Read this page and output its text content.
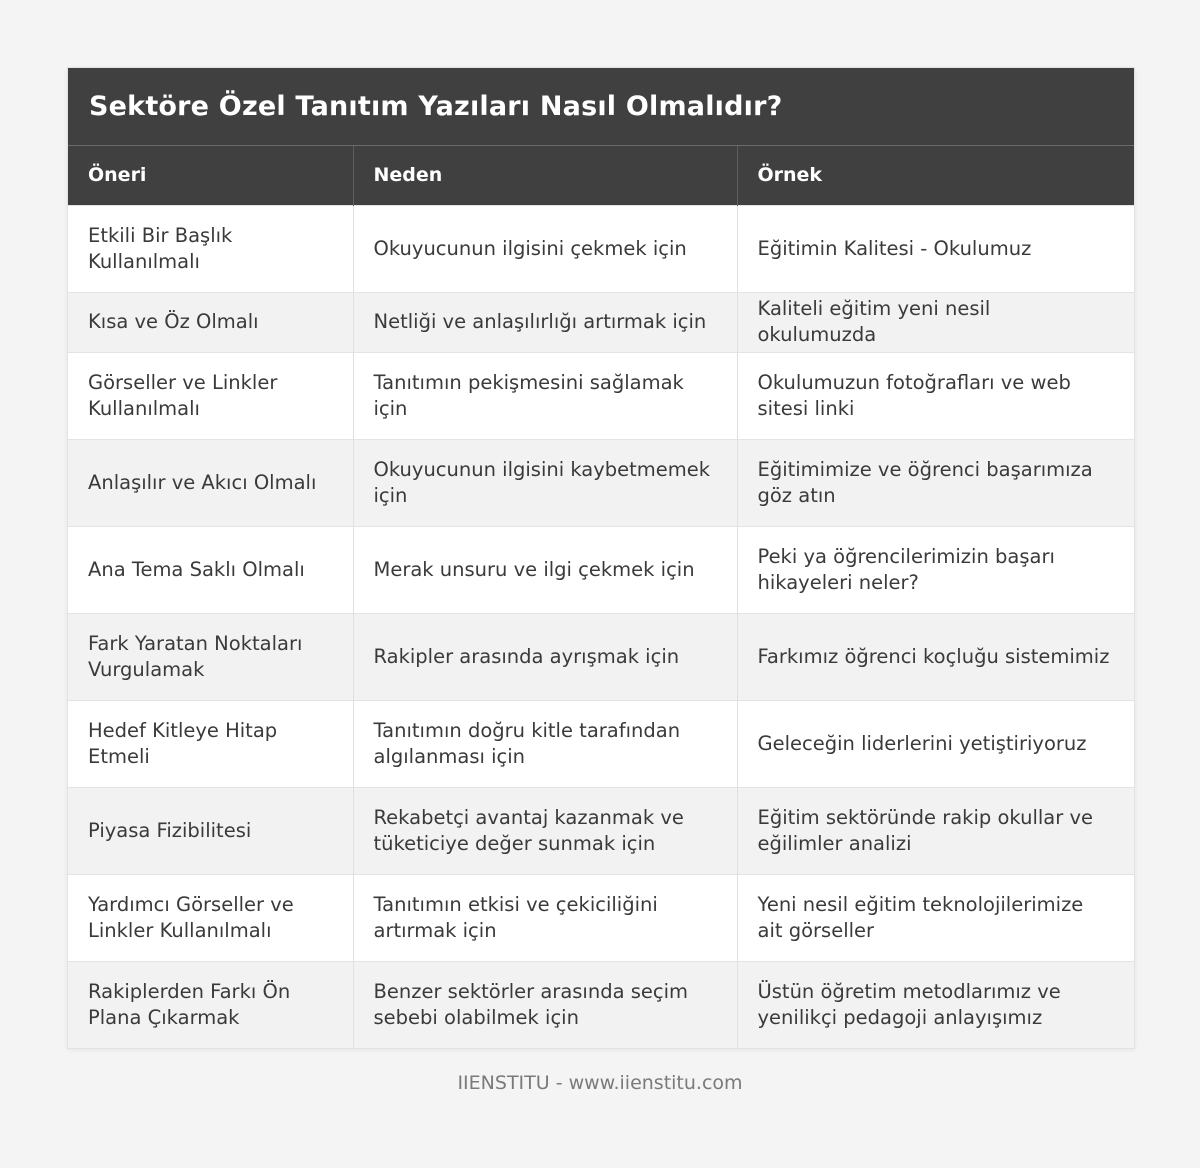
Sektöre Özel Tanıtım Yazıları Nasıl Olmalıdır?
Öneri	Neden	Örnek
Etkili Bir Başlık Kullanılmalı	Okuyucunun ilgisini çekmek için	Eğitimin Kalitesi - Okulumuz
Kısa ve Öz Olmalı	Netliği ve anlaşılırlığı artırmak için	Kaliteli eğitim yeni nesil okulumuzda
Görseller ve Linkler Kullanılmalı	Tanıtımın pekişmesini sağlamak için	Okulumuzun fotoğrafları ve web sitesi linki
Anlaşılır ve Akıcı Olmalı	Okuyucunun ilgisini kaybetmemek için	Eğitimimize ve öğrenci başarımıza göz atın
Ana Tema Saklı Olmalı	Merak unsuru ve ilgi çekmek için	Peki ya öğrencilerimizin başarı hikayeleri neler?
Fark Yaratan Noktaları Vurgulamak	Rakipler arasında ayrışmak için	Farkımız öğrenci koçluğu sistemimiz
Hedef Kitleye Hitap Etmeli	Tanıtımın doğru kitle tarafından algılanması için	Geleceğin liderlerini yetiştiriyoruz
Piyasa Fizibilitesi	Rekabetçi avantaj kazanmak ve tüketiciye değer sunmak için	Eğitim sektöründe rakip okullar ve eğilimler analizi
Yardımcı Görseller ve Linkler Kullanılmalı	Tanıtımın etkisi ve çekiciliğini artırmak için	Yeni nesil eğitim teknolojilerimize ait görseller
Rakiplerden Farkı Ön Plana Çıkarmak	Benzer sektörler arasında seçim sebebi olabilmek için	Üstün öğretim metodlarımız ve yenilikçi pedagoji anlayışımız
IIENSTITU - www.iienstitu.com
